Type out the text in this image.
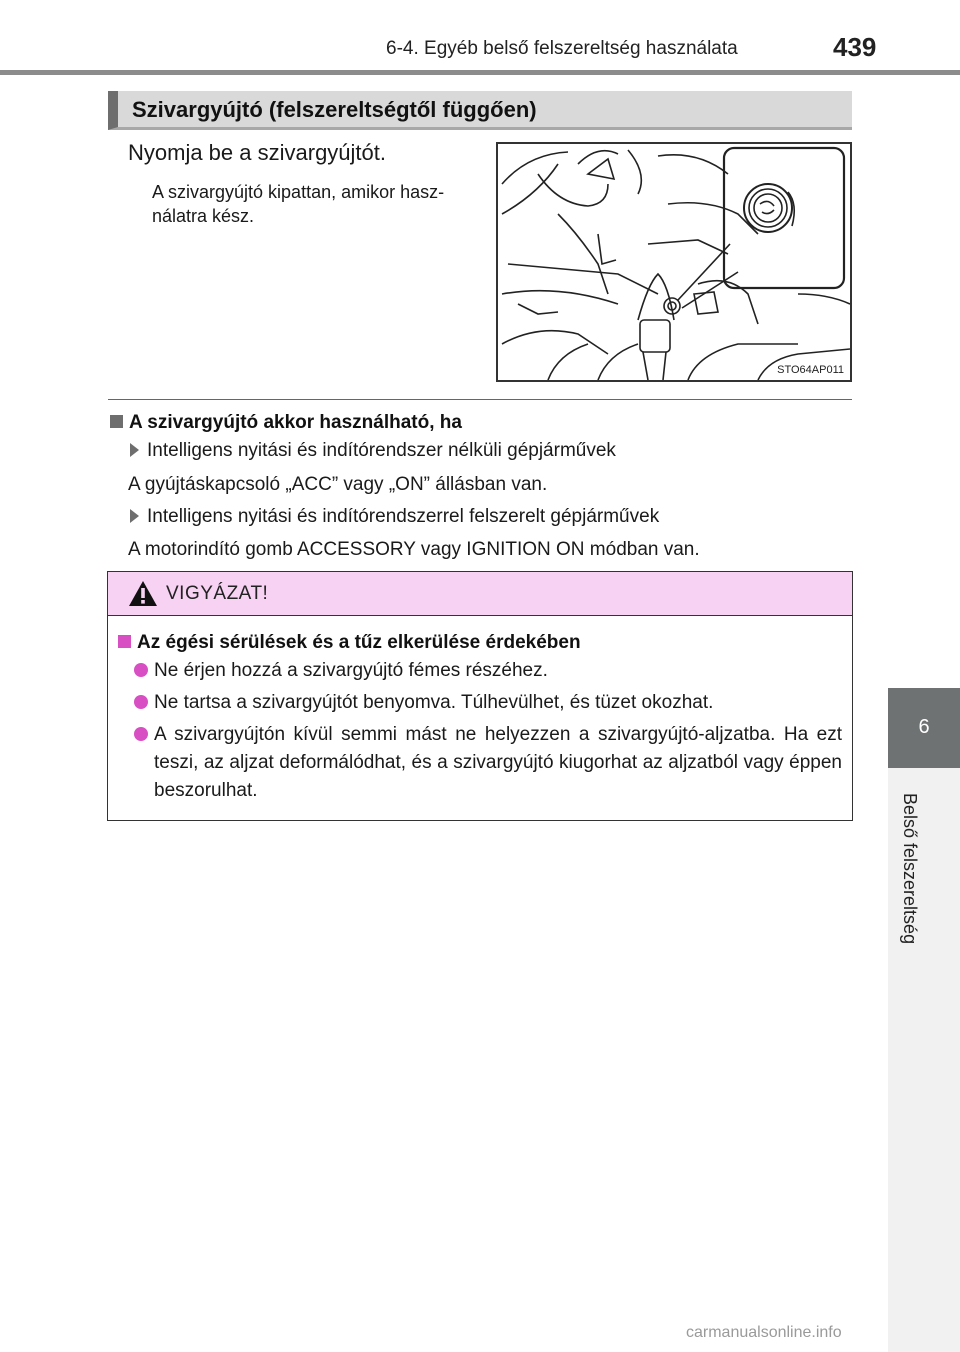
6-4. Egyéb belső felszereltség használata	439
6
Belső felszereltség
Szivargyújtó (felszereltségtől függően)
Nyomja be a szivargyújtót.
A szivargyújtó kipattan, amikor hasz-nálatra kész.
STO64AP011
A szivargyújtó akkor használható, ha
Intelligens nyitási és indítórendszer nélküli gépjárművek
A gyújtáskapcsoló „ACC” vagy „ON” állásban van.
Intelligens nyitási és indítórendszerrel felszerelt gépjárművek
A motorindító gomb ACCESSORY vagy IGNITION ON módban van.
VIGYÁZAT!
Az égési sérülések és a tűz elkerülése érdekében
Ne érjen hozzá a szivargyújtó fémes részéhez.
Ne tartsa a szivargyújtót benyomva. Túlhevülhet, és tüzet okozhat.
A szivargyújtón kívül semmi mást ne helyezzen a szivargyújtó-aljzatba. Ha ezt teszi, az aljzat deformálódhat, és a szivargyújtó kiugorhat az aljzatból vagy éppen beszorulhat.
carmanualsonline.info
